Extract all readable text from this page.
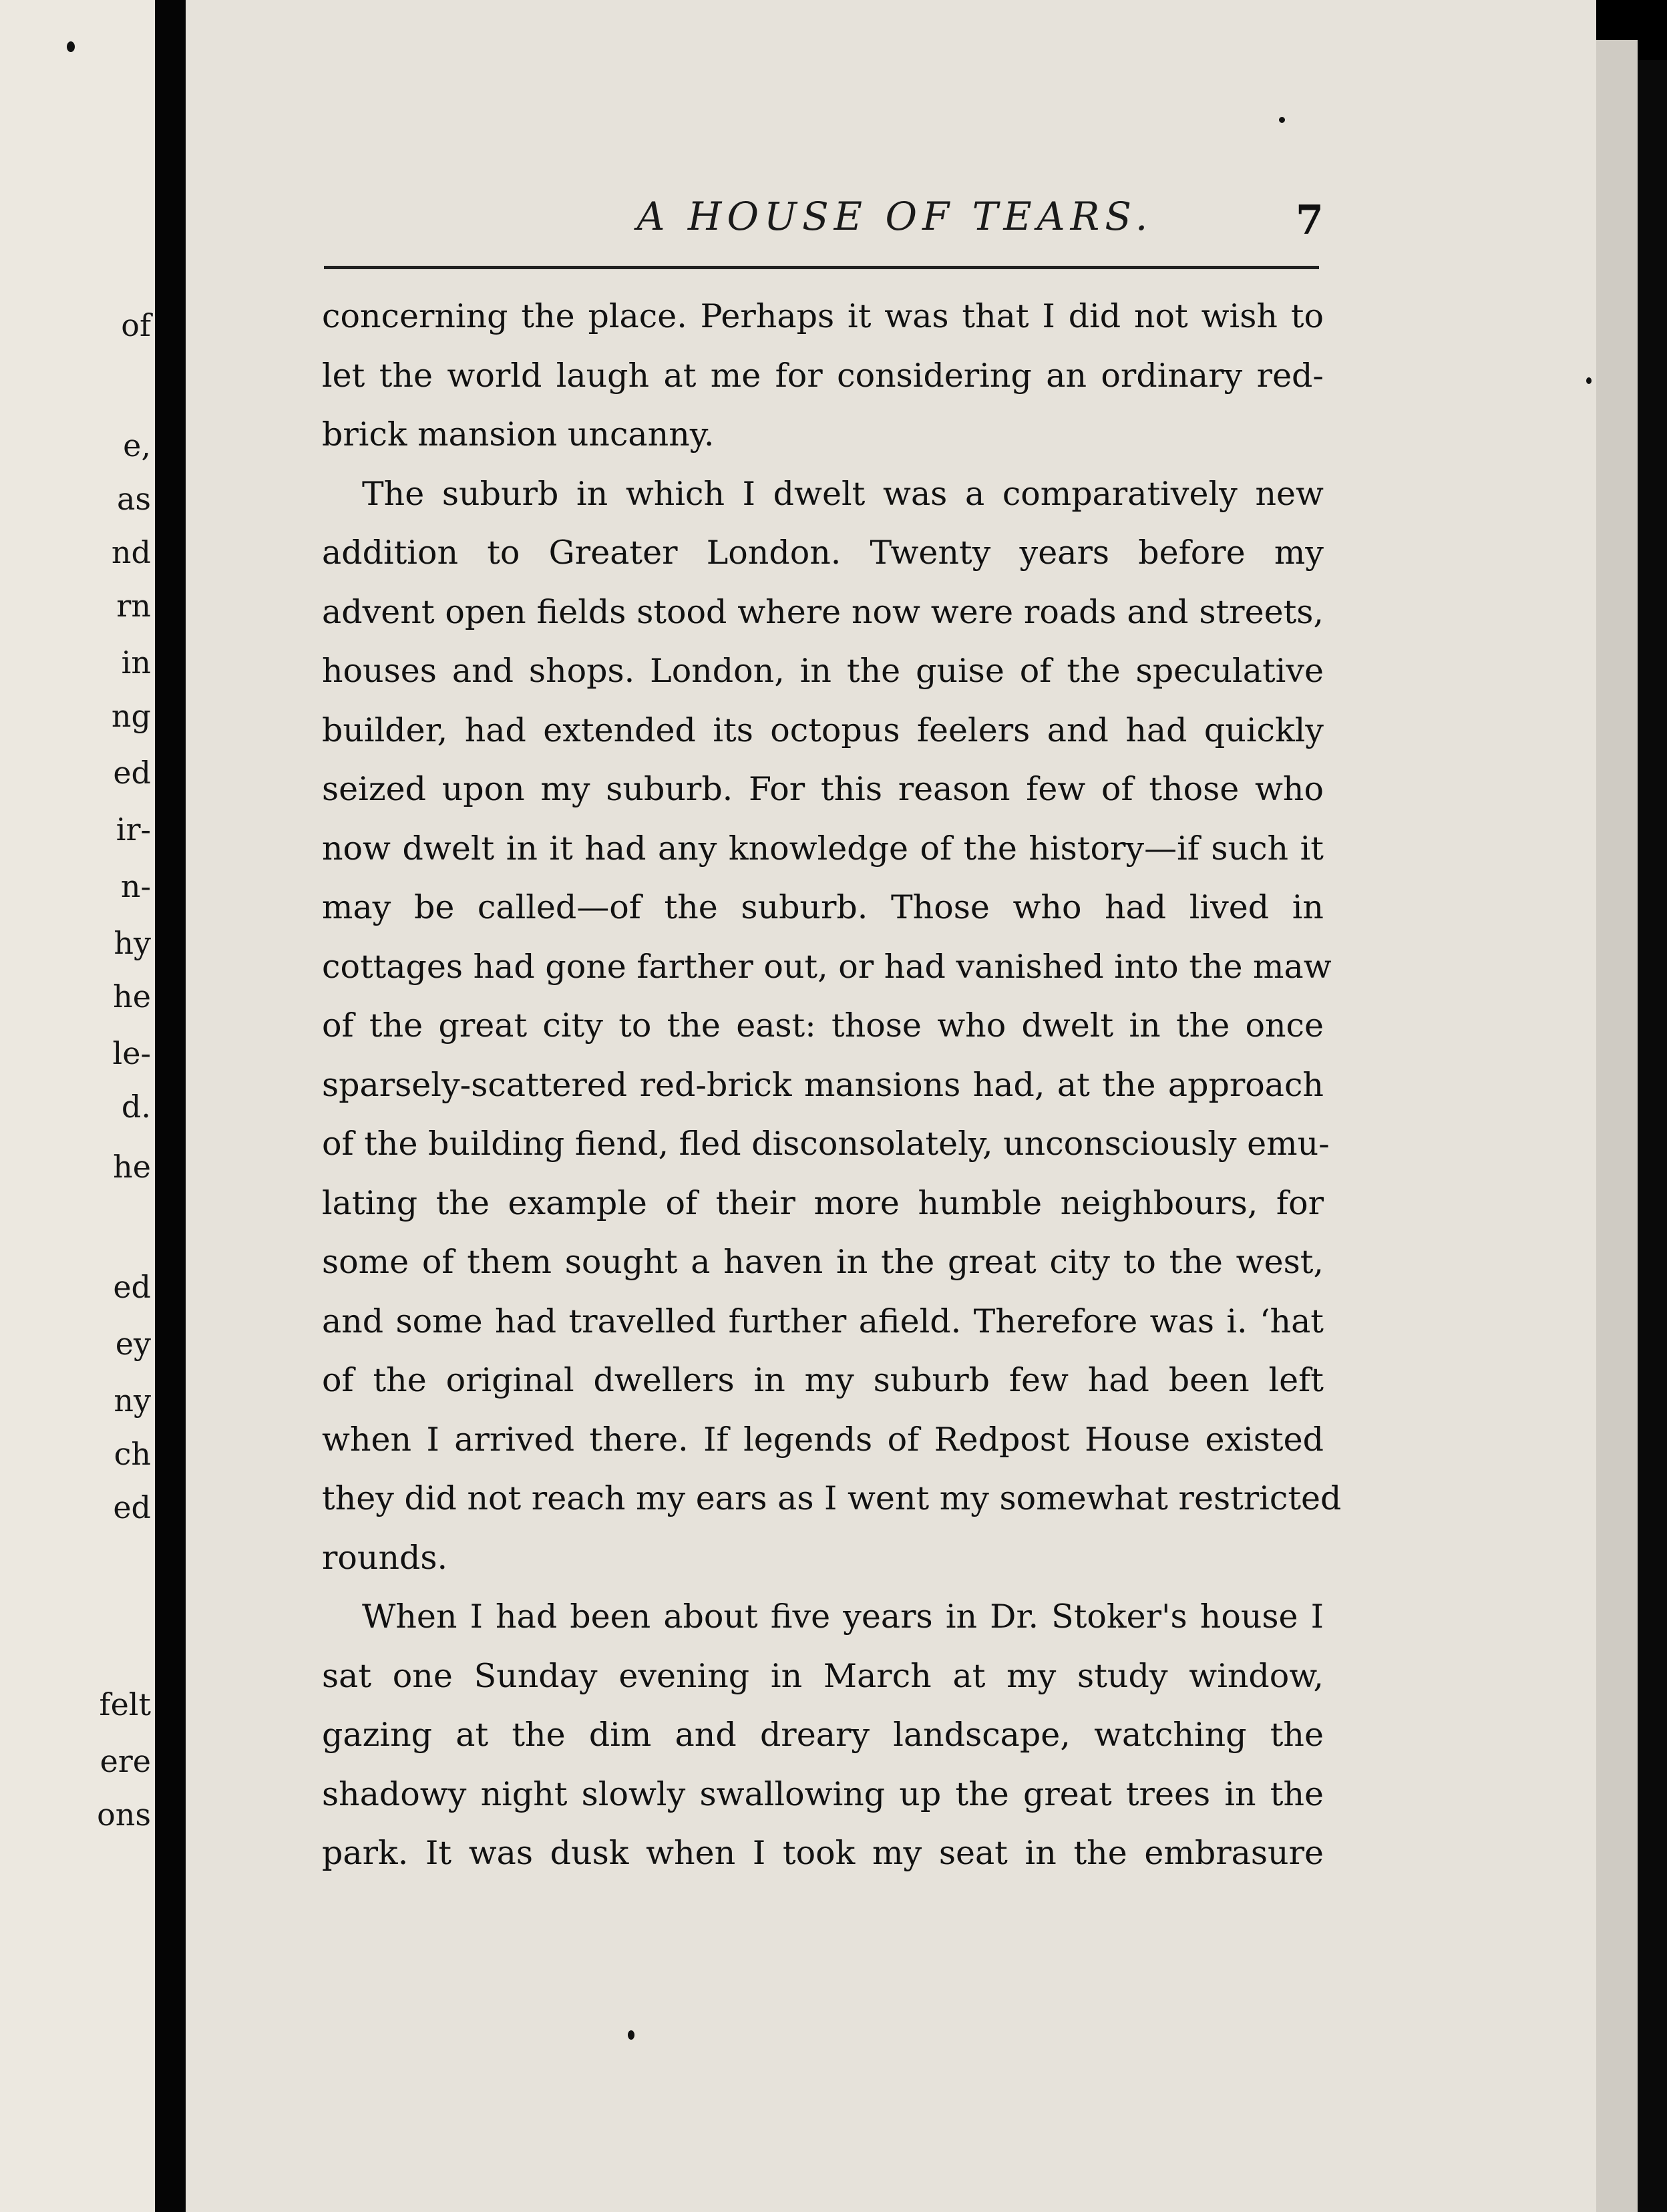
of
e,
as
nd
rn
in
ng
ed
ir-
n-
hy
he
le-
d.
he
ed
ey
ny
ch
ed
felt
ere
ons
A HOUSE OF TEARS.	7
concerning the place. Perhaps it was that I did not wish to
let the world laugh at me for considering an ordinary red-
brick mansion uncanny.
The suburb in which I dwelt was a comparatively new
addition to Greater London. Twenty years before my
advent open fields stood where now were roads and streets,
houses and shops. London, in the guise of the speculative
builder, had extended its octopus feelers and had quickly
seized upon my suburb. For this reason few of those who
now dwelt in it had any knowledge of the history—if such it
may be called—of the suburb. Those who had lived in
cottages had gone farther out, or had vanished into the maw
of the great city to the east: those who dwelt in the once
sparsely-scattered red-brick mansions had, at the approach
of the building fiend, fled disconsolately, unconsciously emu-
lating the example of their more humble neighbours, for
some of them sought a haven in the great city to the west,
and some had travelled further afield. Therefore was i. ‘hat
of the original dwellers in my suburb few had been left
when I arrived there. If legends of Redpost House existed
they did not reach my ears as I went my somewhat restricted
rounds.
When I had been about five years in Dr. Stoker's house I
sat one Sunday evening in March at my study window,
gazing at the dim and dreary landscape, watching the
shadowy night slowly swallowing up the great trees in the
park. It was dusk when I took my seat in the embrasure
